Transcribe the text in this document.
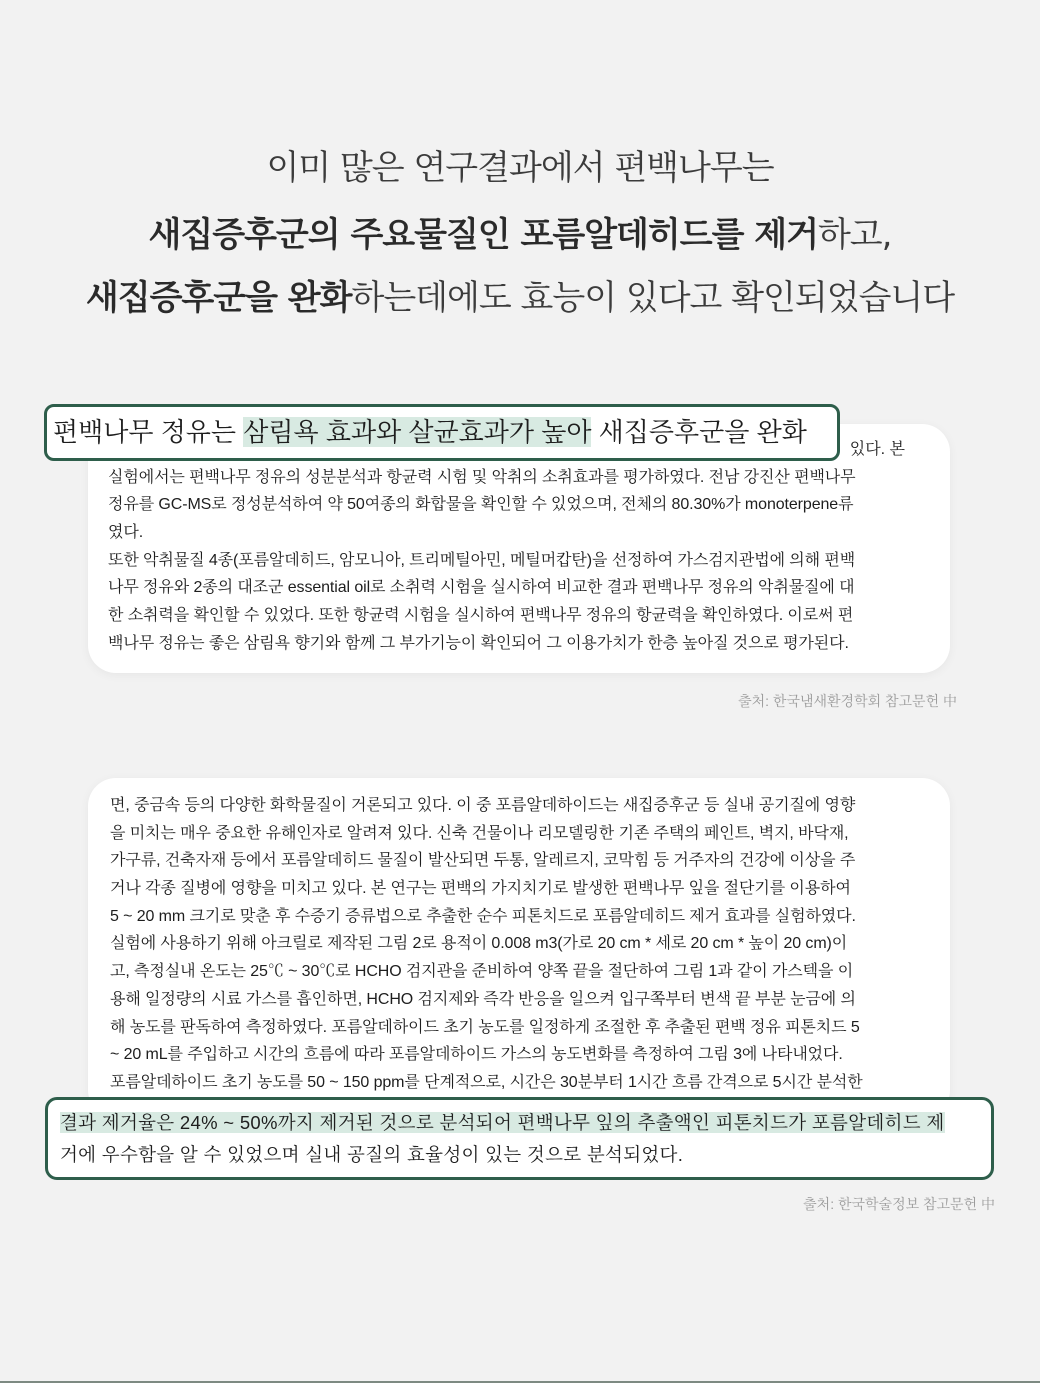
이미 많은 연구결과에서 편백나무는
새집증후군의 주요물질인 포름알데히드를 제거하고,
새집증후군을 완화하는데에도 효능이 있다고 확인되었습니다
있다. 본
실험에서는 편백나무 정유의 성분분석과 항균력 시험 및 악취의 소취효과를 평가하였다. 전남 강진산 편백나무
정유를 GC-MS로 정성분석하여 약 50여종의 화합물을 확인할 수 있었으며, 전체의 80.30%가 monoterpene류
였다.
또한 악취물질 4종(포름알데히드, 암모니아, 트리메틸아민, 메틸머캅탄)을 선정하여 가스검지관법에 의해 편백
나무 정유와 2종의 대조군 essential oil로 소취력 시험을 실시하여 비교한 결과 편백나무 정유의 악취물질에 대
한 소취력을 확인할 수 있었다. 또한 항균력 시험을 실시하여 편백나무 정유의 항균력을 확인하였다. 이로써 편
백나무 정유는 좋은 삼림욕 향기와 함께 그 부가기능이 확인되어 그 이용가치가 한층 높아질 것으로 평가된다.
편백나무 정유는 삼림욕 효과와 살균효과가 높아 새집증후군을 완화
출처: 한국냄새환경학회 참고문헌 中
면, 중금속 등의 다양한 화학물질이 거론되고 있다. 이 중 포름알데하이드는 새집증후군 등 실내 공기질에 영향
을 미치는 매우 중요한 유해인자로 알려져 있다. 신축 건물이나 리모델링한 기존 주택의 페인트, 벽지, 바닥재,
가구류, 건축자재 등에서 포름알데히드 물질이 발산되면 두통, 알레르지, 코막힘 등 거주자의 건강에 이상을 주
거나 각종 질병에 영향을 미치고 있다. 본 연구는 편백의 가지치기로 발생한 편백나무 잎을 절단기를 이용하여
5 ~ 20 mm 크기로 맞춘 후 수증기 증류법으로 추출한 순수 피톤치드로 포름알데히드 제거 효과를 실험하였다.
실험에 사용하기 위해 아크릴로 제작된 그림 2로 용적이 0.008 m3(가로 20 cm * 세로 20 cm * 높이 20 cm)이
고, 측정실내 온도는 25℃ ~ 30℃로 HCHO 검지관을 준비하여 양쪽 끝을 절단하여 그림 1과 같이 가스텍을 이
용해 일정량의 시료 가스를 흡인하면, HCHO 검지제와 즉각 반응을 일으켜 입구쪽부터 변색 끝 부분 눈금에 의
해 농도를 판독하여 측정하였다. 포름알데하이드 초기 농도를 일정하게 조절한 후 추출된 편백 정유 피톤치드 5
~ 20 mL를 주입하고 시간의 흐름에 따라 포름알데하이드 가스의 농도변화를 측정하여 그림 3에 나타내었다.
포름알데하이드 초기 농도를 50 ~ 150 ppm를 단계적으로, 시간은 30분부터 1시간 흐름 간격으로 5시간 분석한
결과 제거율은 24% ~ 50%까지 제거된 것으로 분석되어 편백나무 잎의 추출액인 피톤치드가 포름알데히드 제
거에 우수함을 알 수 있었으며 실내 공질의 효율성이 있는 것으로 분석되었다.
출처: 한국학술정보 참고문헌 中
